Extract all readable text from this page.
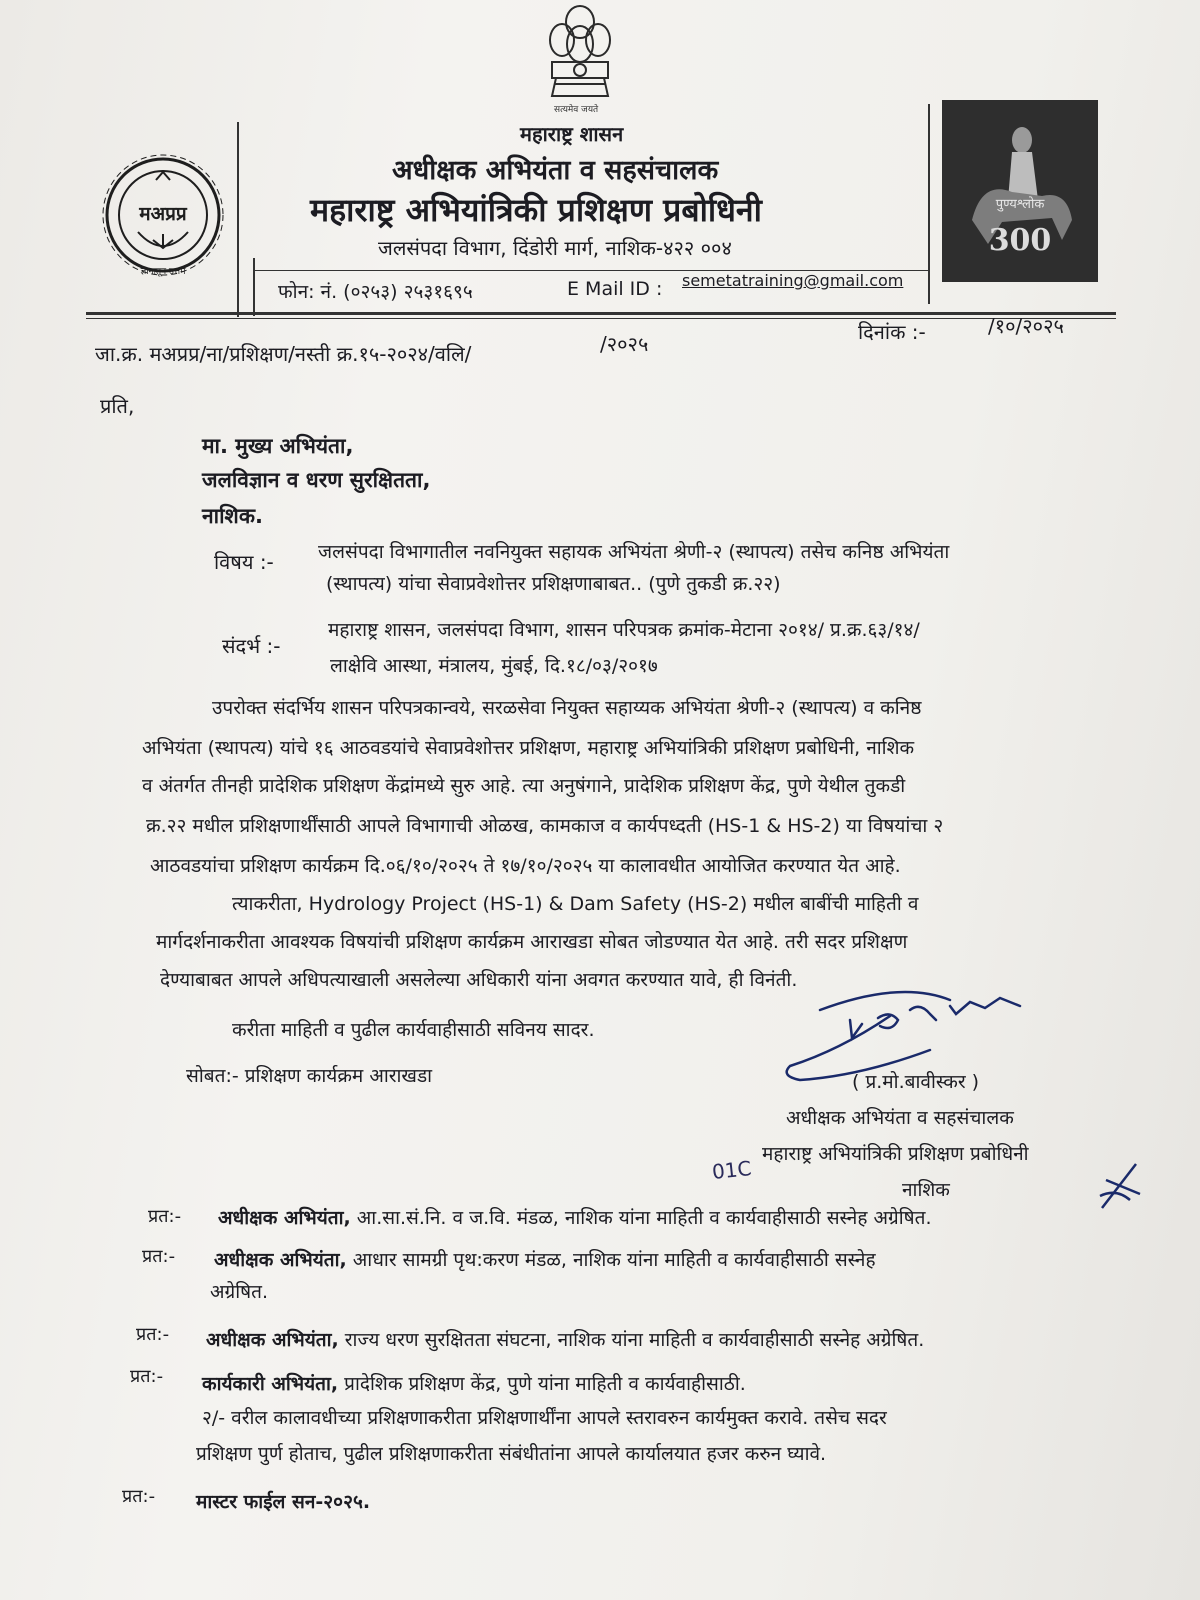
सत्यमेव जयते
मअप्रप्र
ज्ञानातून उत्तम
पुण्यश्लोक
300
महाराष्ट्र शासन
अधीक्षक अभियंता व सहसंचालक
महाराष्ट्र अभियांत्रिकी प्रशिक्षण प्रबोधिनी
जलसंपदा विभाग, दिंडोरी मार्ग, नाशिक-४२२ ००४
फोन: नं. (०२५३) २५३१६९५	E Mail ID : semetatraining@gmail.com
जा.क्र. मअप्रप्र/ना/प्रशिक्षण/नस्ती क्र.१५-२०२४/वलि/	/२०२५	दिनांक :-	/१०/२०२५
प्रति,
मा. मुख्य अभियंता,
जलविज्ञान व धरण सुरक्षितता,
नाशिक.
विषय :- जलसंपदा विभागातील नवनियुक्त सहायक अभियंता श्रेणी-२ (स्थापत्य) तसेच कनिष्ठ अभियंता
(स्थापत्य) यांचा सेवाप्रवेशोत्तर प्रशिक्षणाबाबत.. (पुणे तुकडी क्र.२२)
संदर्भ :-
महाराष्ट्र शासन, जलसंपदा विभाग, शासन परिपत्रक क्रमांक-मेटाना २०१४/ प्र.क्र.६३/१४/
लाक्षेवि आस्था, मंत्रालय, मुंबई, दि.१८/०३/२०१७
उपरोक्त संदर्भिय शासन परिपत्रकान्वये, सरळसेवा नियुक्त सहाय्यक अभियंता श्रेणी-२ (स्थापत्य) व कनिष्ठ
अभियंता (स्थापत्य) यांचे १६ आठवडयांचे सेवाप्रवेशोत्तर प्रशिक्षण, महाराष्ट्र अभियांत्रिकी प्रशिक्षण प्रबोधिनी, नाशिक
व अंतर्गत तीनही प्रादेशिक प्रशिक्षण केंद्रांमध्ये सुरु आहे. त्या अनुषंगाने, प्रादेशिक प्रशिक्षण केंद्र, पुणे येथील तुकडी
क्र.२२ मधील प्रशिक्षणार्थींसाठी आपले विभागाची ओळख, कामकाज व कार्यपध्दती (HS-1 & HS-2) या विषयांचा २
आठवडयांचा प्रशिक्षण कार्यक्रम दि.०६/१०/२०२५ ते १७/१०/२०२५ या कालावधीत आयोजित करण्यात येत आहे.
त्याकरीता, Hydrology Project (HS-1) & Dam Safety (HS-2) मधील बाबींची माहिती व
मार्गदर्शनाकरीता आवश्यक विषयांची प्रशिक्षण कार्यक्रम आराखडा सोबत जोडण्यात येत आहे. तरी सदर प्रशिक्षण
देण्याबाबत आपले अधिपत्याखाली असलेल्या अधिकारी यांना अवगत करण्यात यावे, ही विनंती.
करीता माहिती व पुढील कार्यवाहीसाठी सविनय सादर.
सोबत:- प्रशिक्षण कार्यक्रम आराखडा	( प्र.मो.बावीस्कर )
अधीक्षक अभियंता व सहसंचालक
महाराष्ट्र अभियांत्रिकी प्रशिक्षण प्रबोधिनी
नाशिक
01C
प्रत:- अधीक्षक अभियंता, आ.सा.सं.नि. व ज.वि. मंडळ, नाशिक यांना माहिती व कार्यवाहीसाठी सस्नेह अग्रेषित.
प्रत:- अधीक्षक अभियंता, आधार सामग्री पृथ:करण मंडळ, नाशिक यांना माहिती व कार्यवाहीसाठी सस्नेह
अग्रेषित.
प्रत:- अधीक्षक अभियंता, राज्य धरण सुरक्षितता संघटना, नाशिक यांना माहिती व कार्यवाहीसाठी सस्नेह अग्रेषित.
प्रत:- कार्यकारी अभियंता, प्रादेशिक प्रशिक्षण केंद्र, पुणे यांना माहिती व कार्यवाहीसाठी.
२/- वरील कालावधीच्या प्रशिक्षणाकरीता प्रशिक्षणार्थींना आपले स्तरावरुन कार्यमुक्त करावे. तसेच सदर
प्रशिक्षण पुर्ण होताच, पुढील प्रशिक्षणाकरीता संबंधीतांना आपले कार्यालयात हजर करुन घ्यावे.
प्रत:- मास्टर फाईल सन-२०२५.
